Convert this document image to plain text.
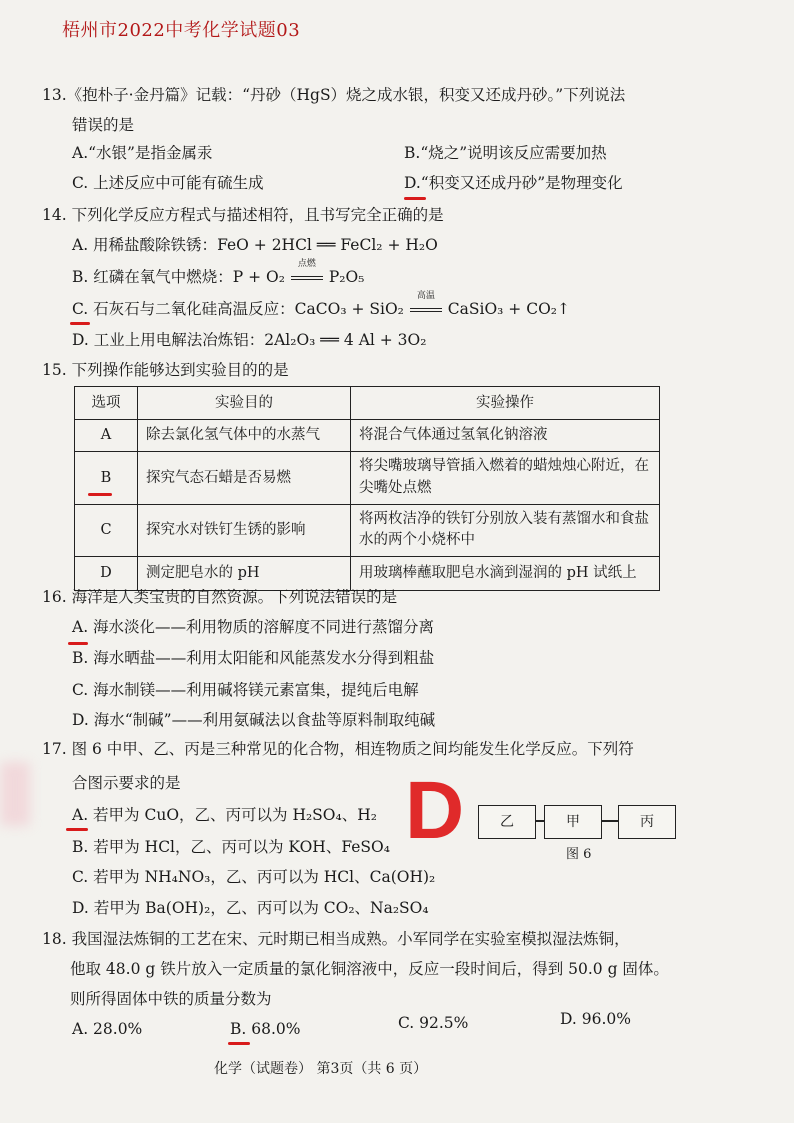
梧州市2022中考化学试题03
13.《抱朴子·金丹篇》记载：“丹砂（HgS）烧之成水银，积变又还成丹砂。”下列说法
错误的是
A.“水银”是指金属汞	B.“烧之”说明该反应需要加热
C. 上述反应中可能有硫生成	D.“积变又还成丹砂”是物理变化
14. 下列化学反应方程式与描述相符，且书写完全正确的是
A. 用稀盐酸除铁锈：FeO + 2HCl ══ FeCl₂ + H₂O
B. 红磷在氧气中燃烧：P + O₂
点燃
P₂O₅
C. 石灰石与二氧化硅高温反应：CaCO₃ + SiO₂
高温
CaSiO₃ + CO₂↑
D. 工业上用电解法冶炼铝：2Al₂O₃ ══ 4 Al + 3O₂
15. 下列操作能够达到实验目的的是
选项	实验目的	实验操作
A	除去氯化氢气体中的水蒸气	将混合气体通过氢氧化钠溶液
B	探究气态石蜡是否易燃	将尖嘴玻璃导管插入燃着的蜡烛烛心附近，在尖嘴处点燃
C	探究水对铁钉生锈的影响	将两枚洁净的铁钉分别放入装有蒸馏水和食盐水的两个小烧杯中
D	测定肥皂水的 pH	用玻璃棒蘸取肥皂水滴到湿润的 pH 试纸上
16. 海洋是人类宝贵的自然资源。下列说法错误的是
A. 海水淡化——利用物质的溶解度不同进行蒸馏分离
B. 海水晒盐——利用太阳能和风能蒸发水分得到粗盐
C. 海水制镁——利用碱将镁元素富集，提纯后电解
D. 海水“制碱”——利用氨碱法以食盐等原料制取纯碱
17. 图 6 中甲、乙、丙是三种常见的化合物，相连物质之间均能发生化学反应。下列符
合图示要求的是
A. 若甲为 CuO，乙、丙可以为 H₂SO₄、H₂
B. 若甲为 HCl，乙、丙可以为 KOH、FeSO₄
C. 若甲为 NH₄NO₃，乙、丙可以为 HCl、Ca(OH)₂
D. 若甲为 Ba(OH)₂，乙、丙可以为 CO₂、Na₂SO₄
D	乙	甲	丙
图 6
18. 我国湿法炼铜的工艺在宋、元时期已相当成熟。小军同学在实验室模拟湿法炼铜，
他取 48.0 g 铁片放入一定质量的氯化铜溶液中，反应一段时间后，得到 50.0 g 固体。
则所得固体中铁的质量分数为
A. 28.0%	B. 68.0%	C. 92.5%	D. 96.0%
化学（试题卷） 第3页（共 6 页）
